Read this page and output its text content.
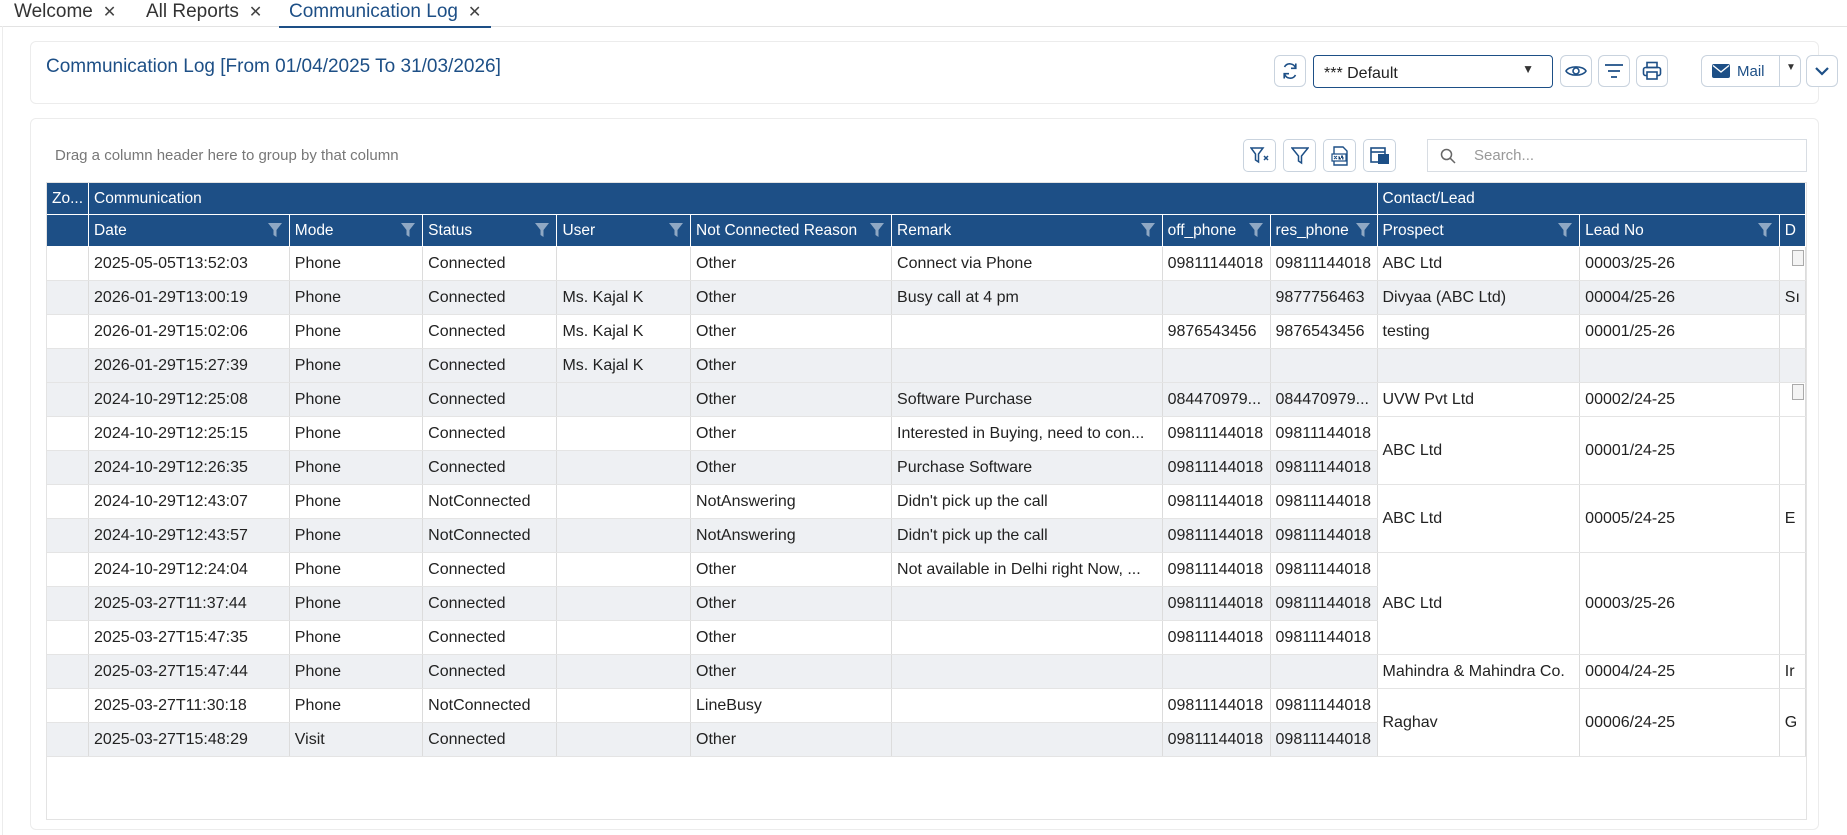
Welcome ✕ All Reports ✕	Communication Log ✕
Communication Log [From 01/04/2025 To 31/03/2026]	*** Default	▼	Mail ▼
Drag a column header here to group by that column
Search...
Zo...	Communication								Contact/Lead		
	Date	Mode	Status	User	Not Connected Reason	Remark	off_phone	res_phone	Prospect	Lead No	D
	2025-05-05T13:52:03	Phone	Connected		Other	Connect via Phone	09811144018	09811144018	ABC Ltd	00003/25-26	
	2026-01-29T13:00:19	Phone	Connected	Ms. Kajal K	Other	Busy call at 4 pm		9877756463	Divyaa (ABC Ltd)	00004/25-26	Sı
	2026-01-29T15:02:06	Phone	Connected	Ms. Kajal K	Other		9876543456	9876543456	testing	00001/25-26	
	2026-01-29T15:27:39	Phone	Connected	Ms. Kajal K	Other						
	2024-10-29T12:25:08	Phone	Connected		Other	Software Purchase	084470979...	084470979...	UVW Pvt Ltd	00002/24-25	
	2024-10-29T12:25:15	Phone	Connected		Other	Interested in Buying, need to con...	09811144018	09811144018	ABC Ltd	00001/24-25	
	2024-10-29T12:26:35	Phone	Connected		Other	Purchase Software	09811144018	09811144018			
	2024-10-29T12:43:07	Phone	NotConnected		NotAnswering	Didn't pick up the call	09811144018	09811144018	ABC Ltd	00005/24-25	E
	2024-10-29T12:43:57	Phone	NotConnected		NotAnswering	Didn't pick up the call	09811144018	09811144018			
	2024-10-29T12:24:04	Phone	Connected		Other	Not available in Delhi right Now, ...	09811144018	09811144018	ABC Ltd	00003/25-26	
	2025-03-27T11:37:44	Phone	Connected		Other		09811144018	09811144018			
	2025-03-27T15:47:35	Phone	Connected		Other		09811144018	09811144018			
	2025-03-27T15:47:44	Phone	Connected		Other				Mahindra & Mahindra Co.	00004/24-25	Ir
	2025-03-27T11:30:18	Phone	NotConnected		LineBusy		09811144018	09811144018	Raghav	00006/24-25	G
	2025-03-27T15:48:29	Visit	Connected		Other		09811144018	09811144018			
